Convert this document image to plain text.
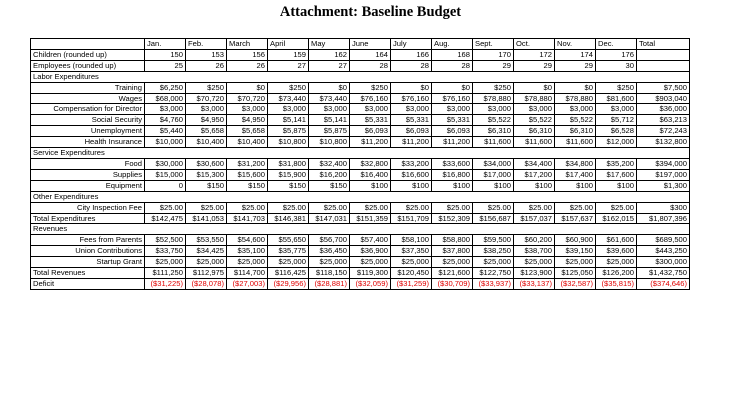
Attachment: Baseline Budget
	Jan.	Feb.	March	April	May	June	July	Aug.	Sept.	Oct.	Nov.	Dec.	Total
Children (rounded up)	150	153	156	159	162	164	166	168	170	172	174	176	
Employees (rounded up)	25	26	26	27	27	28	28	28	29	29	29	30	
Labor Expenditures													
Training	$6,250	$250	$0	$250	$0	$250	$0	$0	$250	$0	$0	$250	$7,500
Wages	$68,000	$70,720	$70,720	$73,440	$73,440	$76,160	$76,160	$76,160	$78,880	$78,880	$78,880	$81,600	$903,040
Compensation for Director	$3,000	$3,000	$3,000	$3,000	$3,000	$3,000	$3,000	$3,000	$3,000	$3,000	$3,000	$3,000	$36,000
Social Security	$4,760	$4,950	$4,950	$5,141	$5,141	$5,331	$5,331	$5,331	$5,522	$5,522	$5,522	$5,712	$63,213
Unemployment	$5,440	$5,658	$5,658	$5,875	$5,875	$6,093	$6,093	$6,093	$6,310	$6,310	$6,310	$6,528	$72,243
Health Insurance	$10,000	$10,400	$10,400	$10,800	$10,800	$11,200	$11,200	$11,200	$11,600	$11,600	$11,600	$12,000	$132,800
Service Expenditures													
Food	$30,000	$30,600	$31,200	$31,800	$32,400	$32,800	$33,200	$33,600	$34,000	$34,400	$34,800	$35,200	$394,000
Supplies	$15,000	$15,300	$15,600	$15,900	$16,200	$16,400	$16,600	$16,800	$17,000	$17,200	$17,400	$17,600	$197,000
Equipment	0	$150	$150	$150	$150	$100	$100	$100	$100	$100	$100	$100	$1,300
Other Expenditures													
City Inspection Fee	$25.00	$25.00	$25.00	$25.00	$25.00	$25.00	$25.00	$25.00	$25.00	$25.00	$25.00	$25.00	$300
Total Expenditures	$142,475	$141,053	$141,703	$146,381	$147,031	$151,359	$151,709	$152,309	$156,687	$157,037	$157,637	$162,015	$1,807,396
Revenues													
Fees from Parents	$52,500	$53,550	$54,600	$55,650	$56,700	$57,400	$58,100	$58,800	$59,500	$60,200	$60,900	$61,600	$689,500
Union Contributions	$33,750	$34,425	$35,100	$35,775	$36,450	$36,900	$37,350	$37,800	$38,250	$38,700	$39,150	$39,600	$443,250
Startup Grant	$25,000	$25,000	$25,000	$25,000	$25,000	$25,000	$25,000	$25,000	$25,000	$25,000	$25,000	$25,000	$300,000
Total Revenues	$111,250	$112,975	$114,700	$116,425	$118,150	$119,300	$120,450	$121,600	$122,750	$123,900	$125,050	$126,200	$1,432,750
Deficit	($31,225)	($28,078)	($27,003)	($29,956)	($28,881)	($32,059)	($31,259)	($30,709)	($33,937)	($33,137)	($32,587)	($35,815)	($374,646)
